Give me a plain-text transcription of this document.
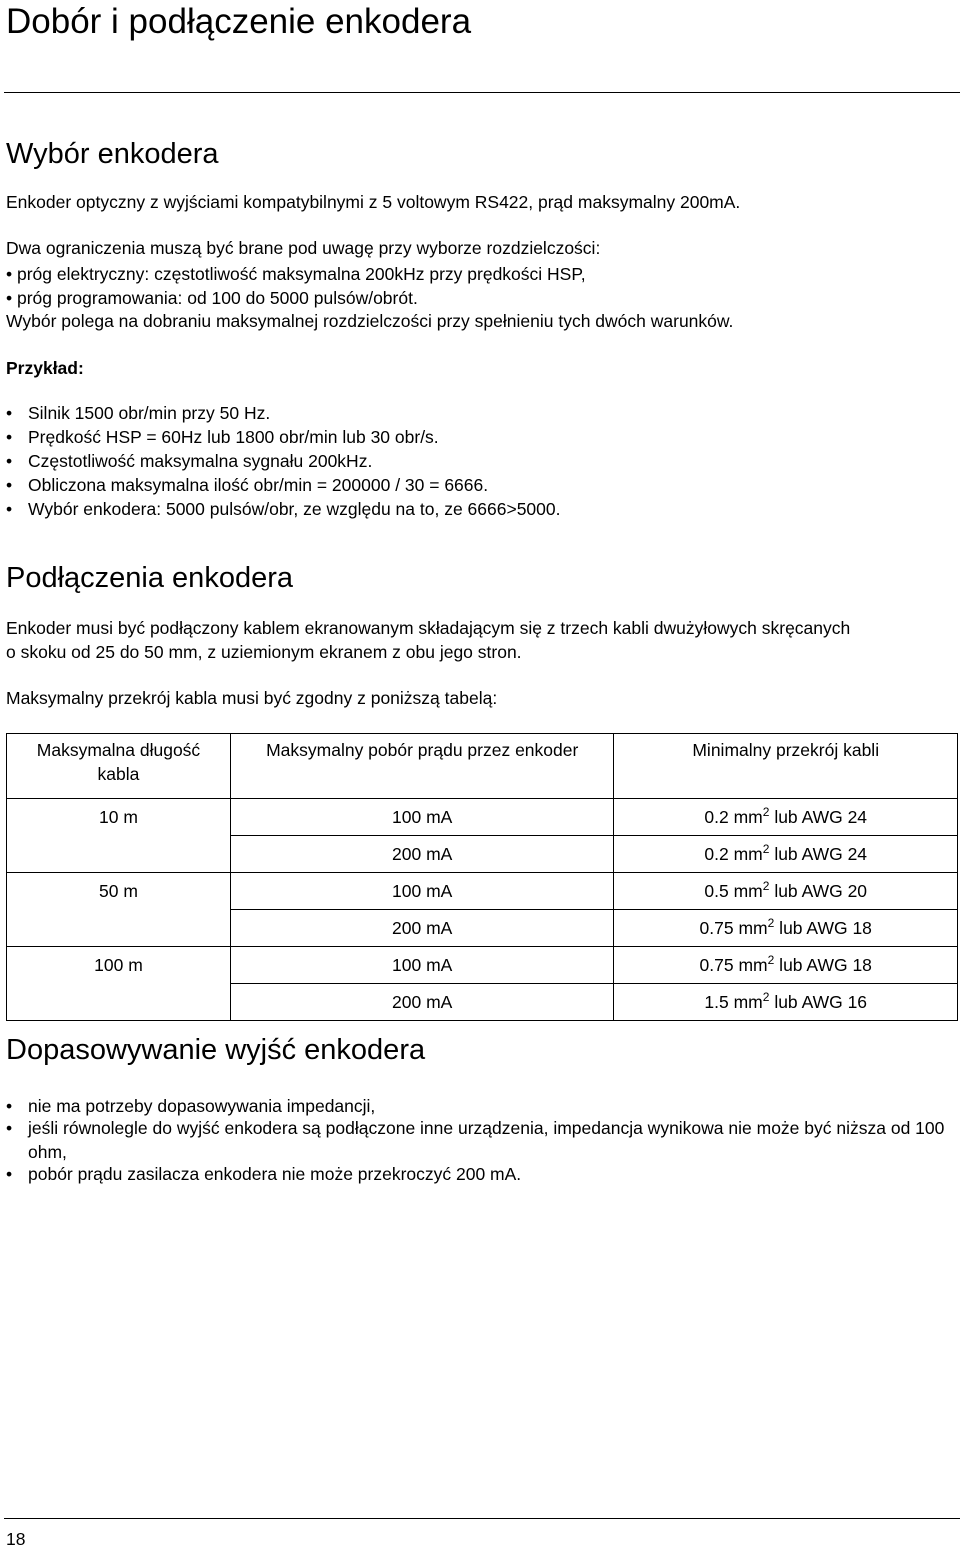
Dobór i podłączenie enkodera
Wybór enkodera
Enkoder optyczny z wyjściami kompatybilnymi z 5 voltowym RS422, prąd maksymalny 200mA.
Dwa ograniczenia muszą być brane pod uwagę przy wyborze rozdzielczości:
• próg elektryczny: częstotliwość maksymalna 200kHz przy prędkości HSP,
• próg programowania: od 100 do 5000 pulsów/obrót.
Wybór polega na dobraniu maksymalnej rozdzielczości przy spełnieniu tych dwóch warunków.
Przykład:
• Silnik 1500 obr/min przy 50 Hz.
• Prędkość HSP = 60Hz lub 1800 obr/min lub 30 obr/s.
• Częstotliwość maksymalna sygnału 200kHz.
• Obliczona maksymalna ilość obr/min = 200000 / 30 = 6666.
• Wybór enkodera: 5000 pulsów/obr, ze względu na to, ze 6666>5000.
Podłączenia enkodera
Enkoder musi być podłączony kablem ekranowanym składającym się z trzech kabli dwużyłowych skręcanych
o skoku od 25 do 50 mm, z uziemionym ekranem z obu jego stron.
Maksymalny przekrój kabla musi być zgodny z poniższą tabelą:
Maksymalna długość kabla	Maksymalny pobór prądu przez enkoder	Minimalny przekrój kabli
10 m	100 mA	0.2 $mm^2$ lub AWG 24
	200 mA	0.2 $mm^2$ lub AWG 24
50 m	100 mA	0.5 $mm^2$ lub AWG 20
	200 mA	0.75 $mm^2$ lub AWG 18
100 m	100 mA	0.75 $mm^2$ lub AWG 18
	200 mA	1.5 $mm^2$ lub AWG 16
Dopasowywanie wyjść enkodera
• nie ma potrzeby dopasowywania impedancji,
• jeśli równolegle do wyjść enkodera są podłączone inne urządzenia, impedancja wynikowa nie może być niższa od 100 ohm,
• pobór prądu zasilacza enkodera nie może przekroczyć 200 mA.
18
